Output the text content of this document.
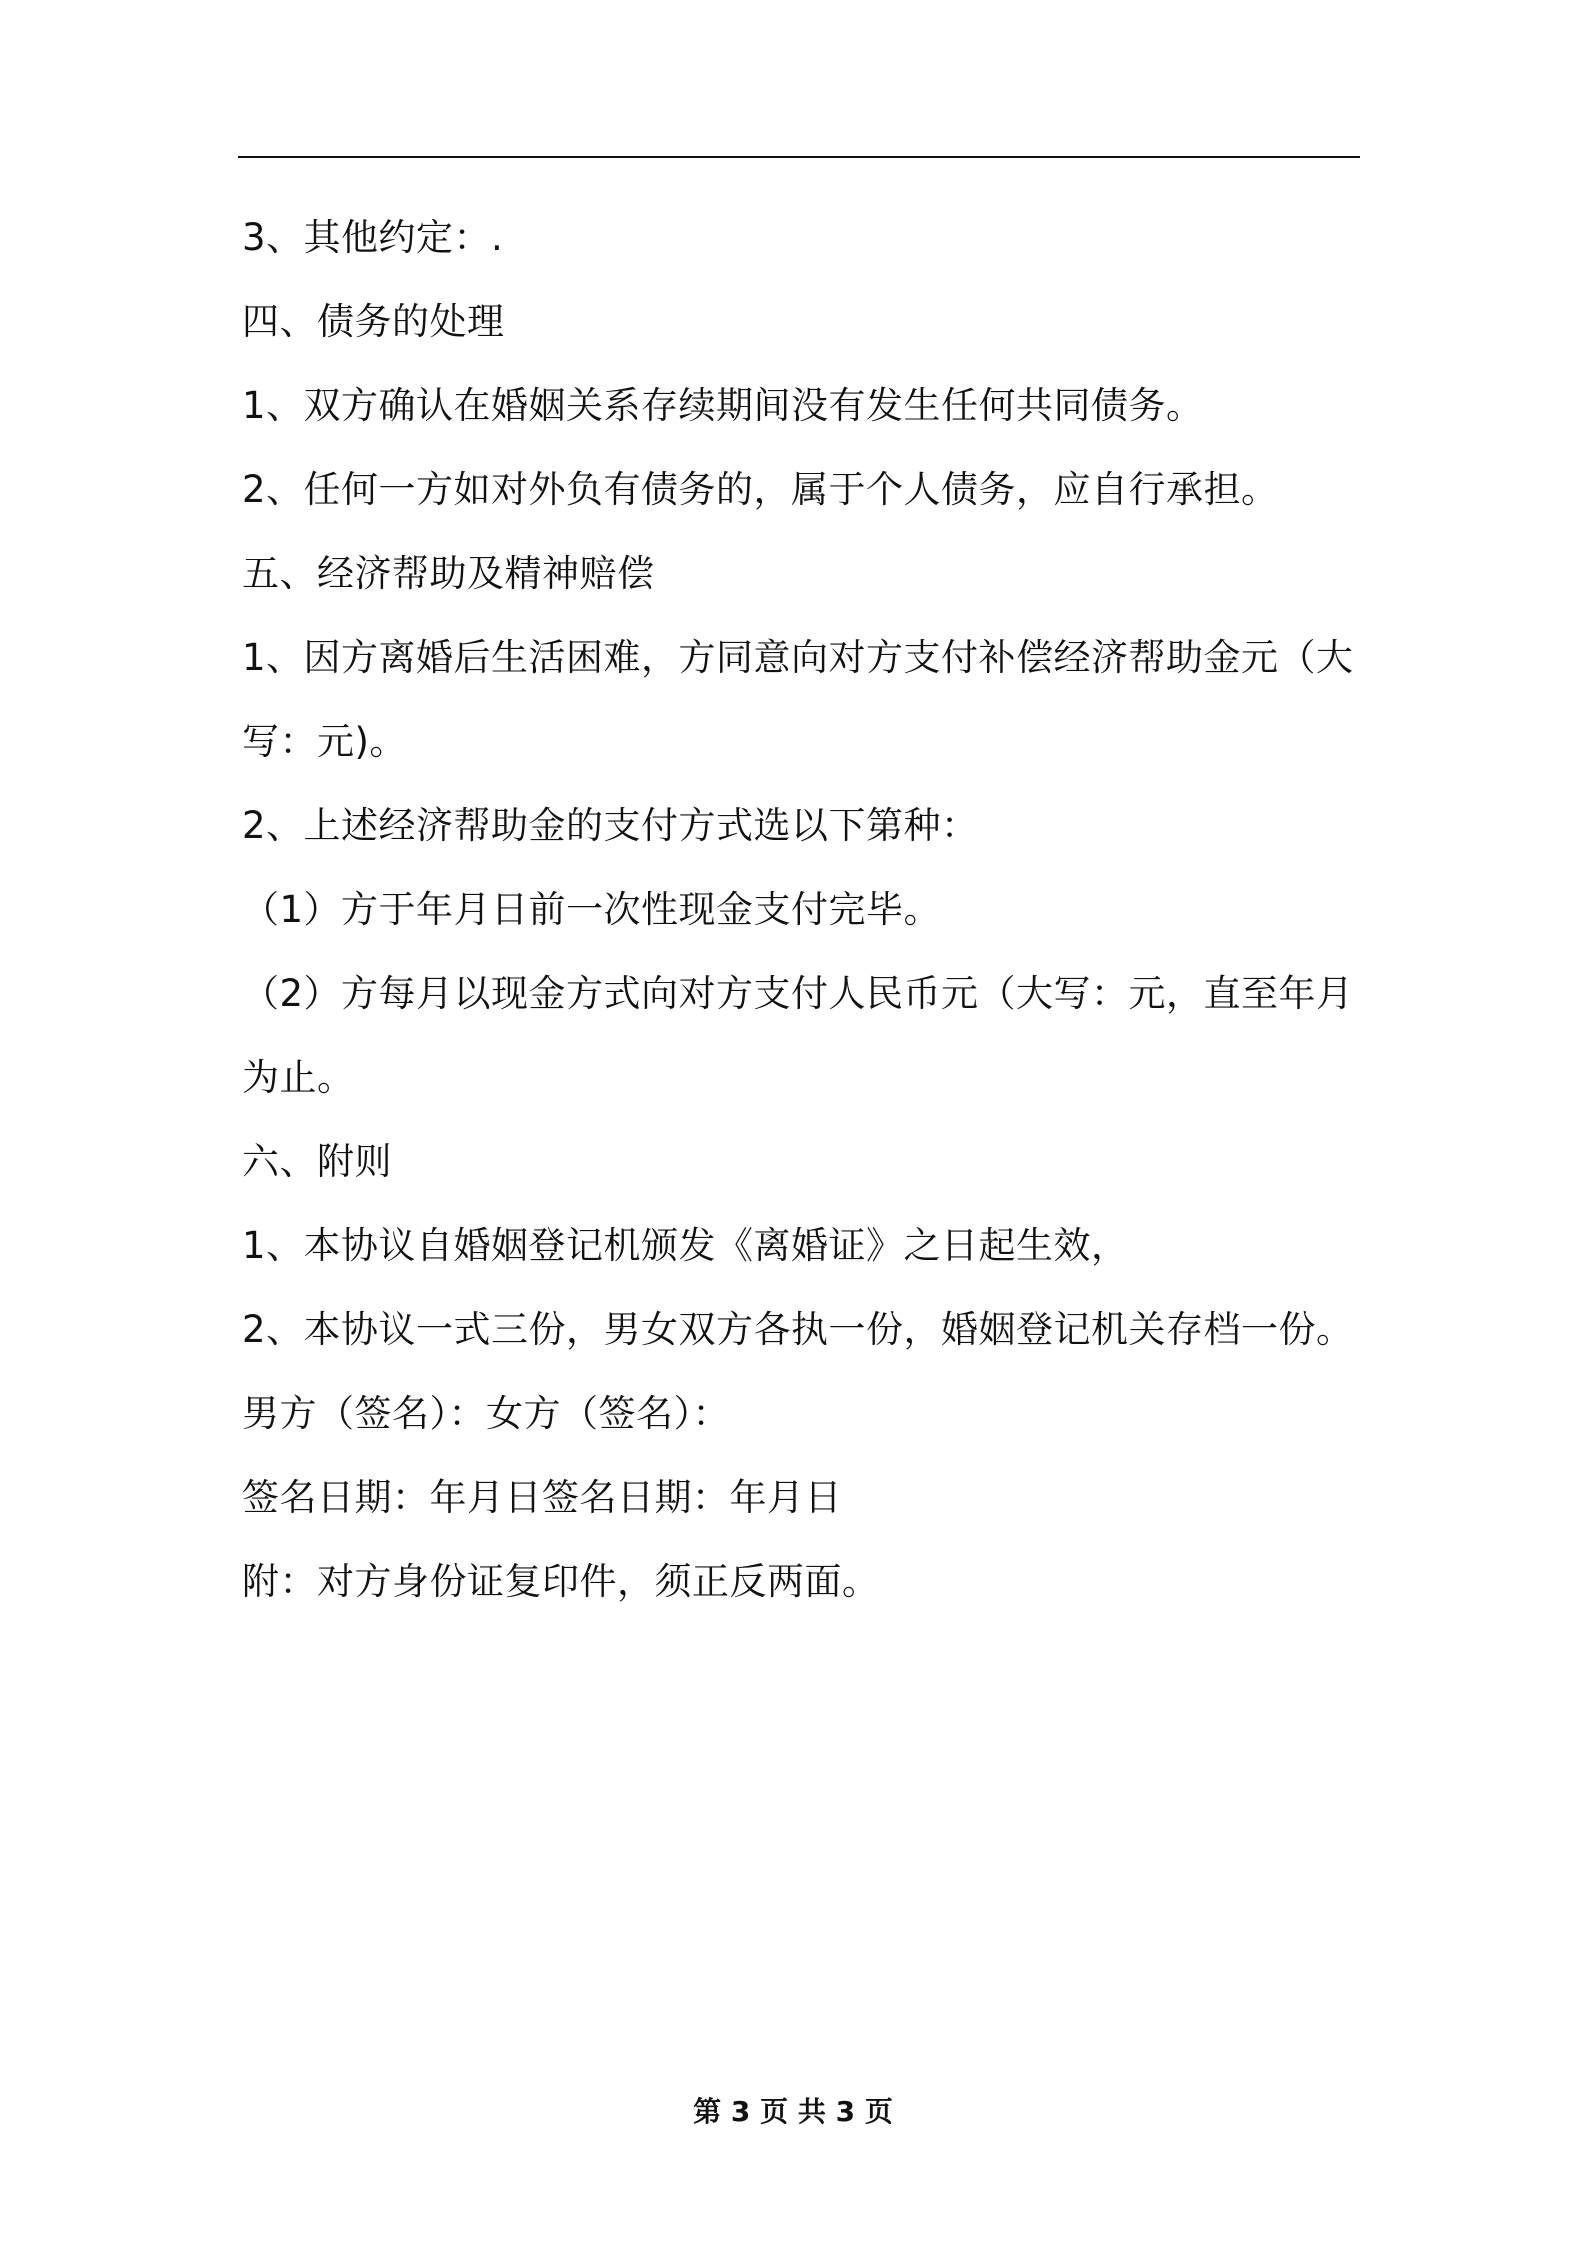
3、其他约定：.
四、债务的处理
1、双方确认在婚姻关系存续期间没有发生任何共同债务。
2、任何一方如对外负有债务的，属于个人债务，应自行承担。
五、经济帮助及精神赔偿
1、因方离婚后生活困难，方同意向对方支付补偿经济帮助金元（大
写：元)。
2、上述经济帮助金的支付方式选以下第种：
（1）方于年月日前一次性现金支付完毕。
（2）方每月以现金方式向对方支付人民币元（大写：元，直至年月
为止。
六、附则
1、本协议自婚姻登记机颁发《离婚证》之日起生效，
2、本协议一式三份，男女双方各执一份，婚姻登记机关存档一份。
男方（签名）：女方（签名）：
签名日期：年月日签名日期：年月日
附：对方身份证复印件，须正反两面。
第 3 页 共 3 页
